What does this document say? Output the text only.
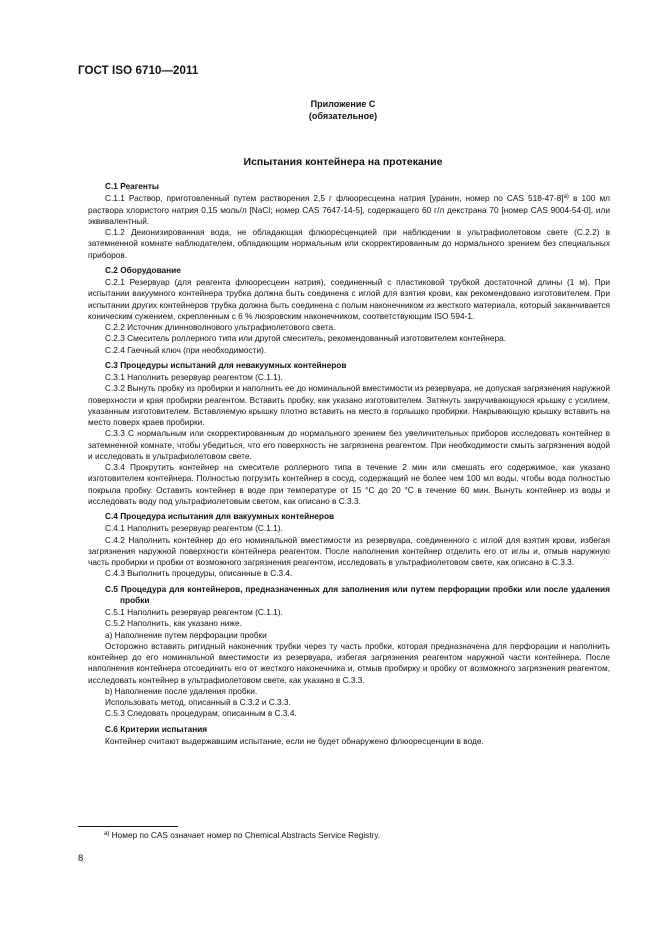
ГОСТ ISO 6710—2011
Приложение С
(обязательное)
Испытания контейнера на протекание

С.1 Реагенты

С.1.1 Раствор, приготовленный путем растворения 2,5 г флюоресцеина натрия [уранин, номер по CAS 518-47-8]$^{а)}$ в 100 мл раствора хлористого натрия 0,15 моль/л [NaCl; номер CAS 7647-14-5], содержащего 60 г/л декстрана 70 [номер CAS 9004-54-0], или эквивалентный.

С.1.2 Деионизированная вода, не обладающая флюоресценцией при наблюдении в ультрафиолетовом свете (С.2.2) в затемненной комнате наблюдателем, обладающим нормальным или скорректированным до нормального зрением без специальных приборов.

С.2 Оборудование

С.2.1 Резервуар (для реагента флюоресцеин натрия), соединенный с пластиковой трубкой достаточной длины (1 м). При испытании вакуумного контейнера трубка должна быть соединена с иглой для взятия крови, как рекомендовано изготовителем. При испытании других контейнеров трубка должна быть соединена с полым наконечником из жесткого материала, который заканчивается коническим сужением, скрепленным с 6 % люэровским наконечником, соответствующим ISO 594-1.

С.2.2 Источник длинноволнового ультрафиолетового света.

С.2.3 Смеситель роллерного типа или другой смеситель, рекомендованный изготовителем контейнера.

С.2.4 Гаечный ключ (при необходимости).

С.3 Процедуры испытаний для невакуумных контейнеров

С.3.1 Наполнить резервуар реагентом (С.1.1).

С.3.2 Вынуть пробку из пробирки и наполнить ее до номинальной вместимости из резервуара, не допуская загрязнения наружной поверхности и края пробирки реагентом. Вставить пробку, как указано изготовителем. Затянуть закручивающуюся крышку с усилием, указанным изготовителем. Вставляемую крышку плотно вставить на место в горлышко пробирки. Накрывающую крышку вставить на место поверх краев пробирки.

С.3.3 С нормальным или скорректированным до нормального зрением без увеличительных приборов исследовать контейнер в затемненной комнате, чтобы убедиться, что его поверхность не загрязнена реагентом. При необходимости смыть загрязнения водой и исследовать в ультрафиолетовом свете.

С.3.4 Прокрутить контейнер на смесителе роллерного типа в течение 2 мин или смешать его содержимое, как указано изготовителем контейнера. Полностью погрузить контейнер в сосуд, содержащий не более чем 100 мл воды, чтобы вода полностью покрыла пробку. Оставить контейнер в воде при температуре от 15 °С до 20 °С в течение 60 мин. Вынуть контейнер из воды и исследовать воду под ультрафиолетовым светом, как описано в С.3.3.

С.4 Процедура испытания для вакуумных контейнеров

С.4.1 Наполнить резервуар реагентом (С.1.1).

С.4.2 Наполнить контейнер до его номинальной вместимости из резервуара, соединенного с иглой для взятия крови, избегая загрязнения наружной поверхности контейнера реагентом. После наполнения контейнер отделить его от иглы и, отмыв наружную часть пробирки и пробки от возможного загрязнения реагентом, исследовать в ультрафиолетовом свете, как описано в С.3.3.

С.4.3 Выполнить процедуры, описанные в С.3.4.

С.5 Процедура для контейнеров, предназначенных для заполнения или путем перфорации пробки или после удаления пробки

С.5.1 Наполнить резервуар реагентом (С.1.1).

С.5.2 Наполнить, как указано ниже.

а) Наполнение путем перфорации пробки

Осторожно вставить ригидный наконечник трубки через ту часть пробки, которая предназначена для перфорации и наполнить контейнер до его номинальной вместимости из резервуара, избегая загрязнения реагентом наружной части контейнера. После наполнения контейнера отсоединить его от жесткого наконечника и, отмыв пробирку и пробку от возможного загрязнения реагентом, исследовать контейнер в ультрафиолетовом свете, как указано в С.3.3.

b) Наполнение после удаления пробки.

Использовать метод, описанный в С.3.2 и С.3.3.

С.5.3 Следовать процедурам, описанным в С.3.4.

С.6 Критерии испытания

Контейнер считают выдержавшим испытание, если не будет обнаружено флюоресценции в воде.

$^{а)}$ Номер по CAS означает номер по Chemical Abstracts Service Registry.
8
